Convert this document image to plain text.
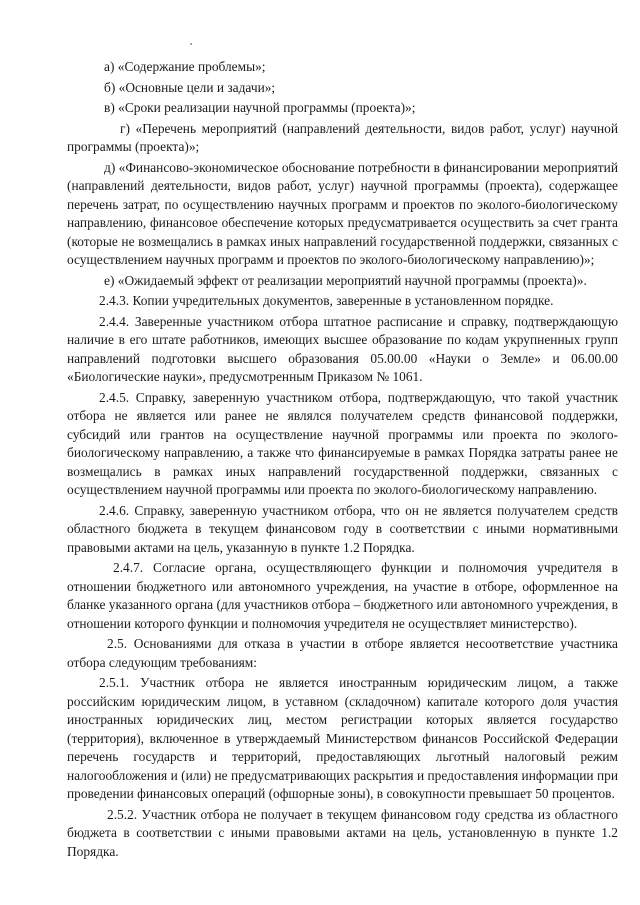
а) «Содержание проблемы»;

б) «Основные цели и задачи»;

в) «Сроки реализации научной программы (проекта)»;

г) «Перечень мероприятий (направлений деятельности, видов работ, услуг) научной программы (проекта)»;

д) «Финансово-экономическое обоснование потребности в финансировании мероприятий (направлений деятельности, видов работ, услуг) научной программы (проекта), содержащее перечень затрат, по осуществлению научных программ и проектов по эколого-биологическому направлению, финансовое обеспечение которых предусматривается осуществить за счет гранта (которые не возмещались в рамках иных направлений государственной поддержки, связанных с осуществлением научных программ и проектов по эколого-биологическому направлению)»;

е) «Ожидаемый эффект от реализации мероприятий научной программы (проекта)».

2.4.3. Копии учредительных документов, заверенные в установленном порядке.

2.4.4. Заверенные участником отбора штатное расписание и справку, подтверждающую наличие в его штате работников, имеющих высшее образование по кодам укрупненных групп направлений подготовки высшего образования 05.00.00 «Науки о Земле» и 06.00.00 «Биологические науки», предусмотренным Приказом № 1061.

2.4.5. Справку, заверенную участником отбора, подтверждающую, что такой участник отбора не является или ранее не являлся получателем средств финансовой поддержки, субсидий или грантов на осуществление научной программы или проекта по эколого-биологическому направлению, а также что финансируемые в рамках Порядка затраты ранее не возмещались в рамках иных направлений государственной поддержки, связанных с осуществлением научной программы или проекта по эколого-биологическому направлению.

2.4.6. Справку, заверенную участником отбора, что он не является получателем средств областного бюджета в текущем финансовом году в соответствии с иными нормативными правовыми актами на цель, указанную в пункте 1.2 Порядка.

2.4.7. Согласие органа, осуществляющего функции и полномочия учредителя в отношении бюджетного или автономного учреждения, на участие в отборе, оформленное на бланке указанного органа (для участников отбора – бюджетного или автономного учреждения, в отношении которого функции и полномочия учредителя не осуществляет министерство).

2.5. Основаниями для отказа в участии в отборе является несоответствие участника отбора следующим требованиям:

2.5.1. Участник отбора не является иностранным юридическим лицом, а также российским юридическим лицом, в уставном (складочном) капитале которого доля участия иностранных юридических лиц, местом регистрации которых является государство (территория), включенное в утверждаемый Министерством финансов Российской Федерации перечень государств и территорий, предоставляющих льготный налоговый режим налогообложения и (или) не предусматривающих раскрытия и предоставления информации при проведении финансовых операций (офшорные зоны), в совокупности превышает 50 процентов.

2.5.2. Участник отбора не получает в текущем финансовом году средства из областного бюджета в соответствии с иными правовыми актами на цель, установленную в пункте 1.2 Порядка.
